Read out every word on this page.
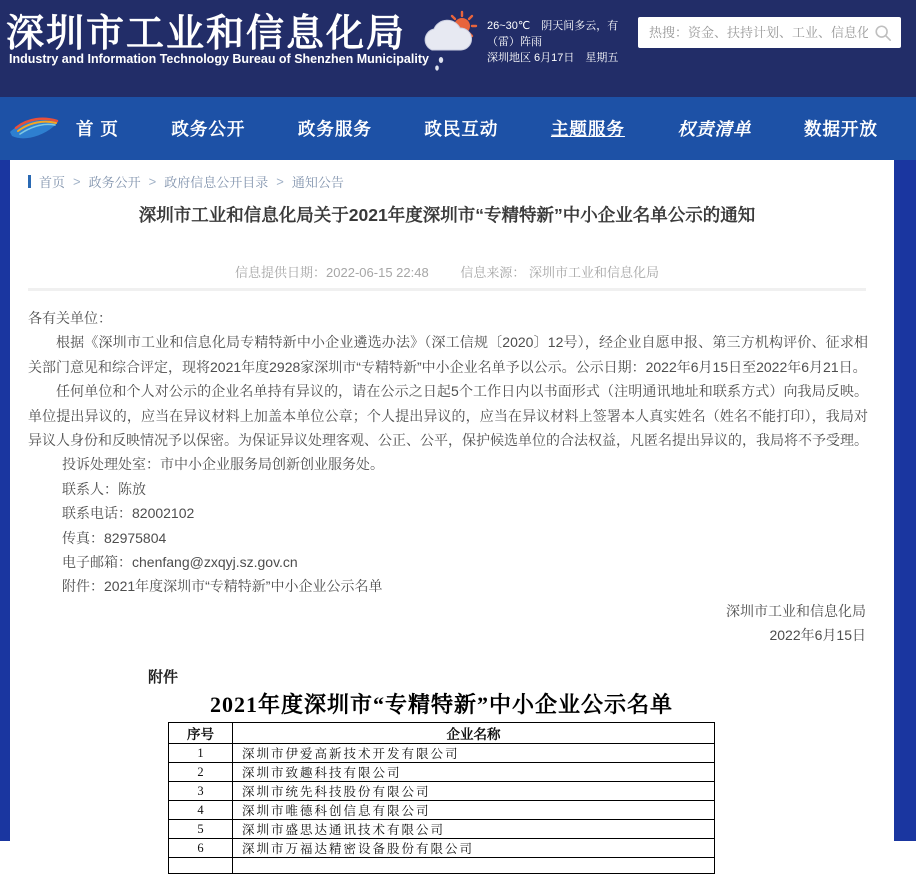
深圳市工业和信息化局
Industry and Information Technology Bureau of Shenzhen Municipality
26~30℃　阴天间多云，有
（雷）阵雨
深圳地区 6月17日　星期五
热搜：资金、扶持计划、工业、信息化
首 页	政务公开	政务服务	政民互动	主题服务	权责清单	数据开放
首页 > 政务公开 > 政府信息公开目录 > 通知公告
深圳市工业和信息化局关于2021年度深圳市“专精特新”中小企业名单公示的通知
信息提供日期：2022-06-15 22:48 信息来源： 深圳市工业和信息化局

各有关单位：

根据《深圳市工业和信息化局专精特新中小企业遴选办法》（深工信规〔2020〕12号），经企业自愿申报、第三方机构评价、征求相关部门意见和综合评定，现将2021年度2928家深圳市“专精特新”中小企业名单予以公示。公示日期：2022年6月15日至2022年6月21日。

任何单位和个人对公示的企业名单持有异议的，请在公示之日起5个工作日内以书面形式（注明通讯地址和联系方式）向我局反映。单位提出异议的，应当在异议材料上加盖本单位公章；个人提出异议的，应当在异议材料上签署本人真实姓名（姓名不能打印），我局对异议人身份和反映情况予以保密。为保证异议处理客观、公正、公平，保护候选单位的合法权益，凡匿名提出异议的，我局将不予受理。

投诉处理处室：市中小企业服务局创新创业服务处。
联系人：陈放
联系电话：82002102
传真：82975804
电子邮箱：chenfang@zxqyj.sz.gov.cn
附件：2021年度深圳市“专精特新”中小企业公示名单
深圳市工业和信息化局
2022年6月15日
附件
2021年度深圳市“专精特新”中小企业公示名单
序号	企业名称
1	深圳市伊爱高新技术开发有限公司
2	深圳市致趣科技有限公司
3	深圳市统先科技股份有限公司
4	深圳市唯德科创信息有限公司
5	深圳市盛思达通讯技术有限公司
6	深圳市万福达精密设备股份有限公司
